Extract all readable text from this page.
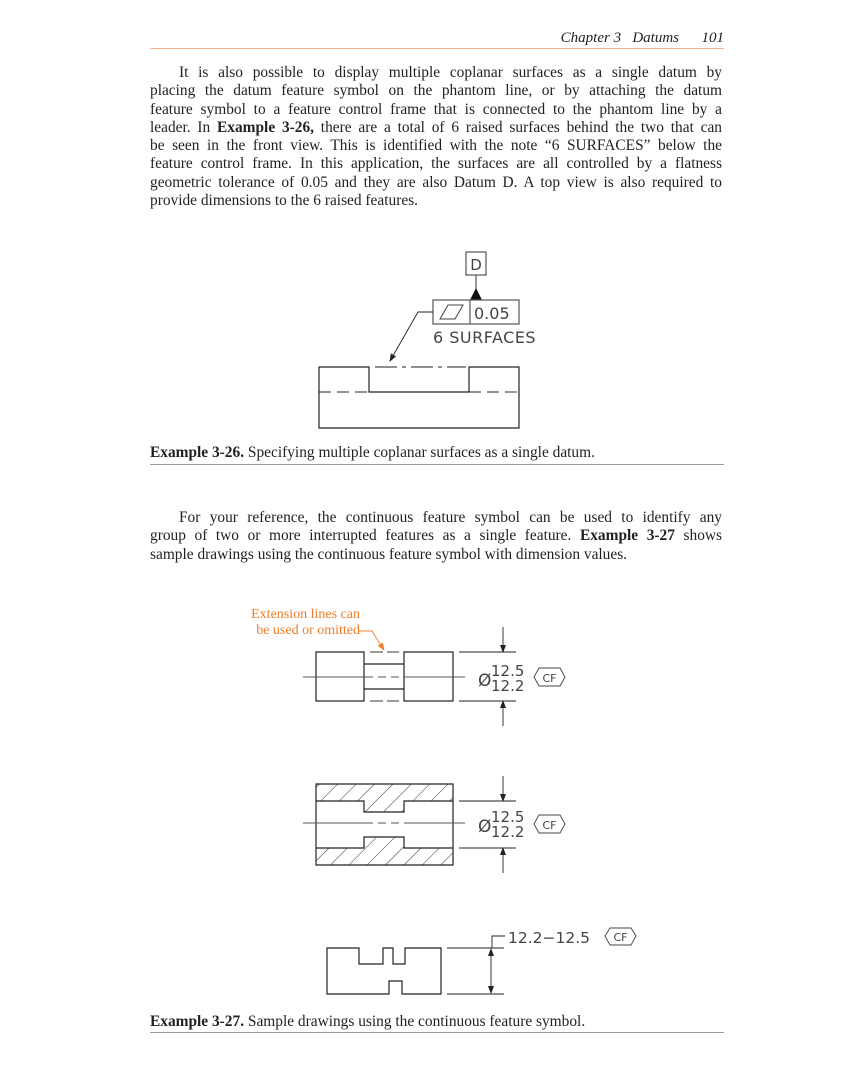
Chapter 3 Datums 101
It is also possible to display multiple coplanar surfaces as a single datum by
placing the datum feature symbol on the phantom line, or by attaching the datum
feature symbol to a feature control frame that is connected to the phantom line by a
leader. In Example 3-26, there are a total of 6 raised surfaces behind the two that can
be seen in the front view. This is identified with the note “6 SURFACES” below the
feature control frame. In this application, the surfaces are all controlled by a flatness
geometric tolerance of 0.05 and they are also Datum D. A top view is also required to
provide dimensions to the 6 raised features.
D
0.05
6 SURFACES
Ø 12.5
12.2 CF
Ø 12.5
12.2 CF
12.2−12.5 CF
Example 3-26. Specifying multiple coplanar surfaces as a single datum.
For your reference, the continuous feature symbol can be used to identify any
group of two or more interrupted features as a single feature. Example 3-27 shows
sample drawings using the continuous feature symbol with dimension values.
Extension lines can
be used or omitted
Example 3-27. Sample drawings using the continuous feature symbol.
